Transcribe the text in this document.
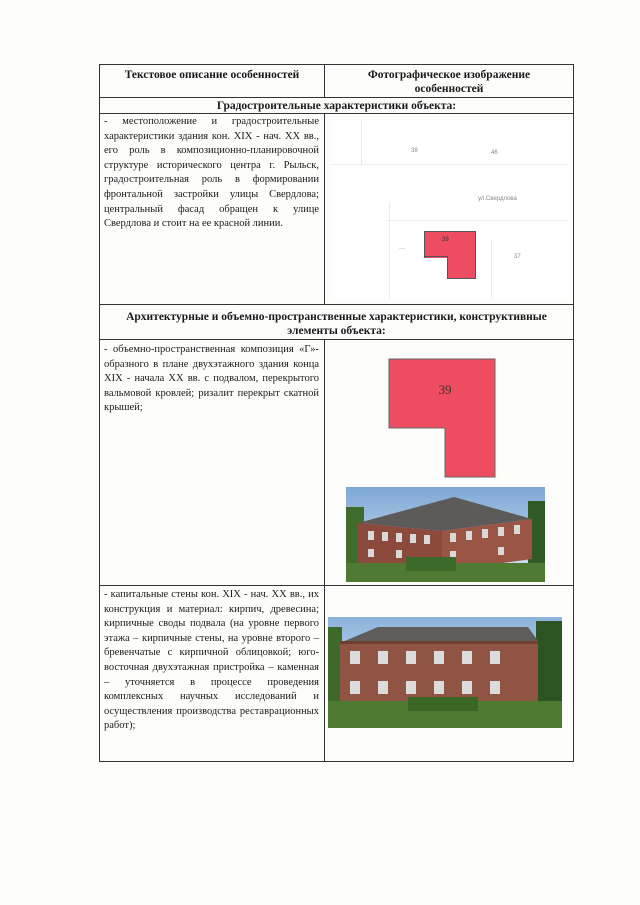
Текстовое описание особенностей	Фотографическое изображение особенностей
Градостроительные характеристики объекта:

- местоположение и градостроительные характеристики здания кон. XIX - нач. XX вв., его роль в композиционно-планировочной структуре исторического центра г. Рыльск, градостроительная роль в формировании фронтальной застройки улицы Свердлова; центральный фасад обращен к улице Свердлова и стоит на ее красной линии.

38	46
ул.Свердлова
37
—
39
Архитектурные и объемно-пространственные характеристики, конструктивные элементы объекта:

- объемно-пространственная композиция «Г»-образного в плане двухэтажного здания конца XIX - начала XX вв. с подвалом, перекрытого вальмовой кровлей; ризалит перекрыт скатной крышей;

39

- капитальные стены кон. XIX - нач. XX вв., их конструкция и материал: кирпич, древесина; кирпичные своды подвала (на уровне первого этажа – кирпичные стены, на уровне второго – бревенчатые с кирпичной облицовкой; юго-восточная двухэтажная пристройка – каменная – уточняется в процессе проведения комплексных научных исследований и осуществления производства реставрационных работ);
